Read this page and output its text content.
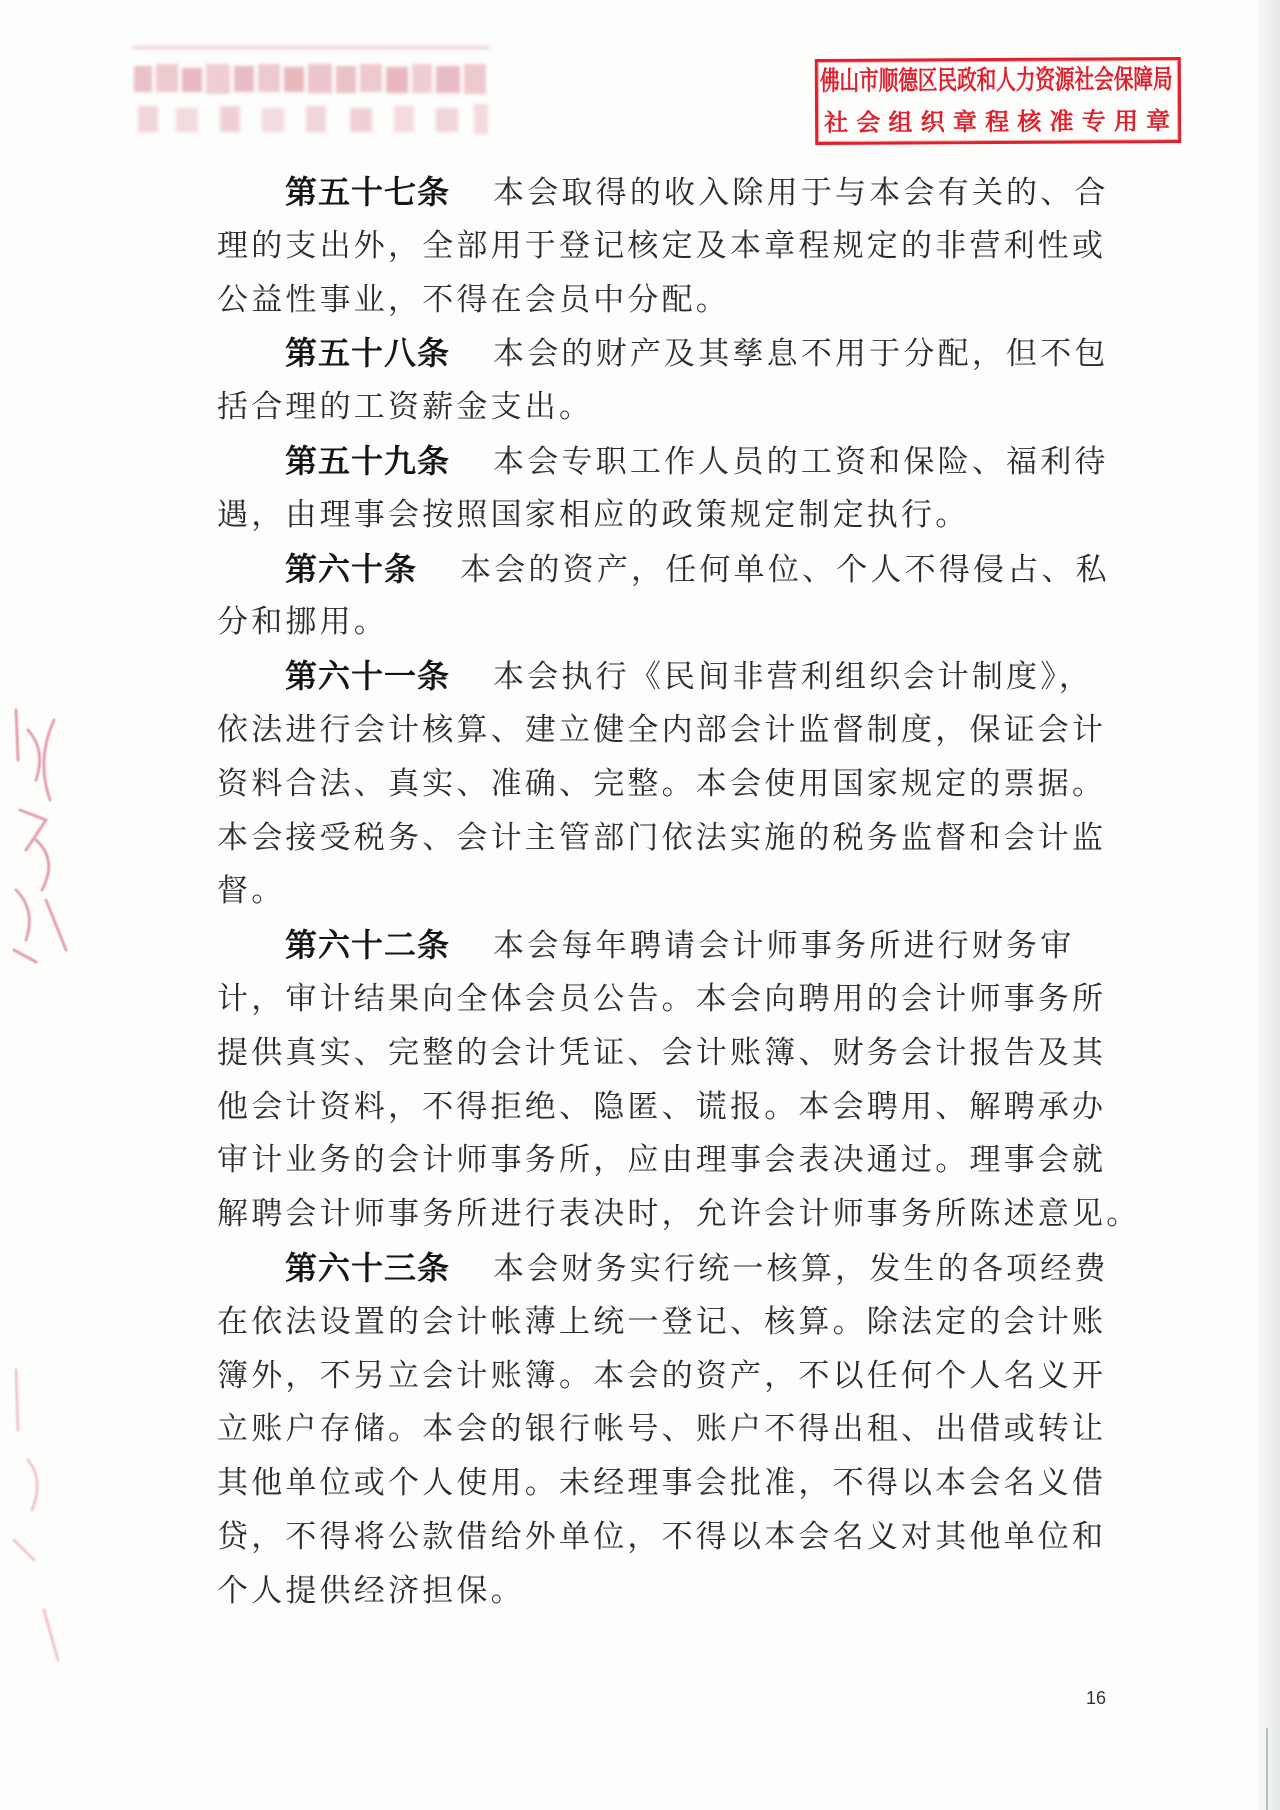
佛山市顺德区民政和人力资源社会保障局
社会组织章程核准专用章
第五十七条 本会取得的收入除用于与本会有关的、合
理的支出外，全部用于登记核定及本章程规定的非营利性或
公益性事业，不得在会员中分配。
第五十八条 本会的财产及其孳息不用于分配，但不包
括合理的工资薪金支出。
第五十九条 本会专职工作人员的工资和保险、福利待
遇，由理事会按照国家相应的政策规定制定执行。
第六十条 本会的资产，任何单位、个人不得侵占、私
分和挪用。
第六十一条 本会执行《民间非营利组织会计制度》，
依法进行会计核算、建立健全内部会计监督制度，保证会计
资料合法、真实、准确、完整。本会使用国家规定的票据。
本会接受税务、会计主管部门依法实施的税务监督和会计监
督。
第六十二条 本会每年聘请会计师事务所进行财务审
计，审计结果向全体会员公告。本会向聘用的会计师事务所
提供真实、完整的会计凭证、会计账簿、财务会计报告及其
他会计资料，不得拒绝、隐匿、谎报。本会聘用、解聘承办
审计业务的会计师事务所，应由理事会表决通过。理事会就
解聘会计师事务所进行表决时，允许会计师事务所陈述意见。
第六十三条 本会财务实行统一核算，发生的各项经费
在依法设置的会计帐薄上统一登记、核算。除法定的会计账
簿外，不另立会计账簿。本会的资产，不以任何个人名义开
立账户存储。本会的银行帐号、账户不得出租、出借或转让
其他单位或个人使用。未经理事会批准，不得以本会名义借
贷，不得将公款借给外单位，不得以本会名义对其他单位和
个人提供经济担保。
16
